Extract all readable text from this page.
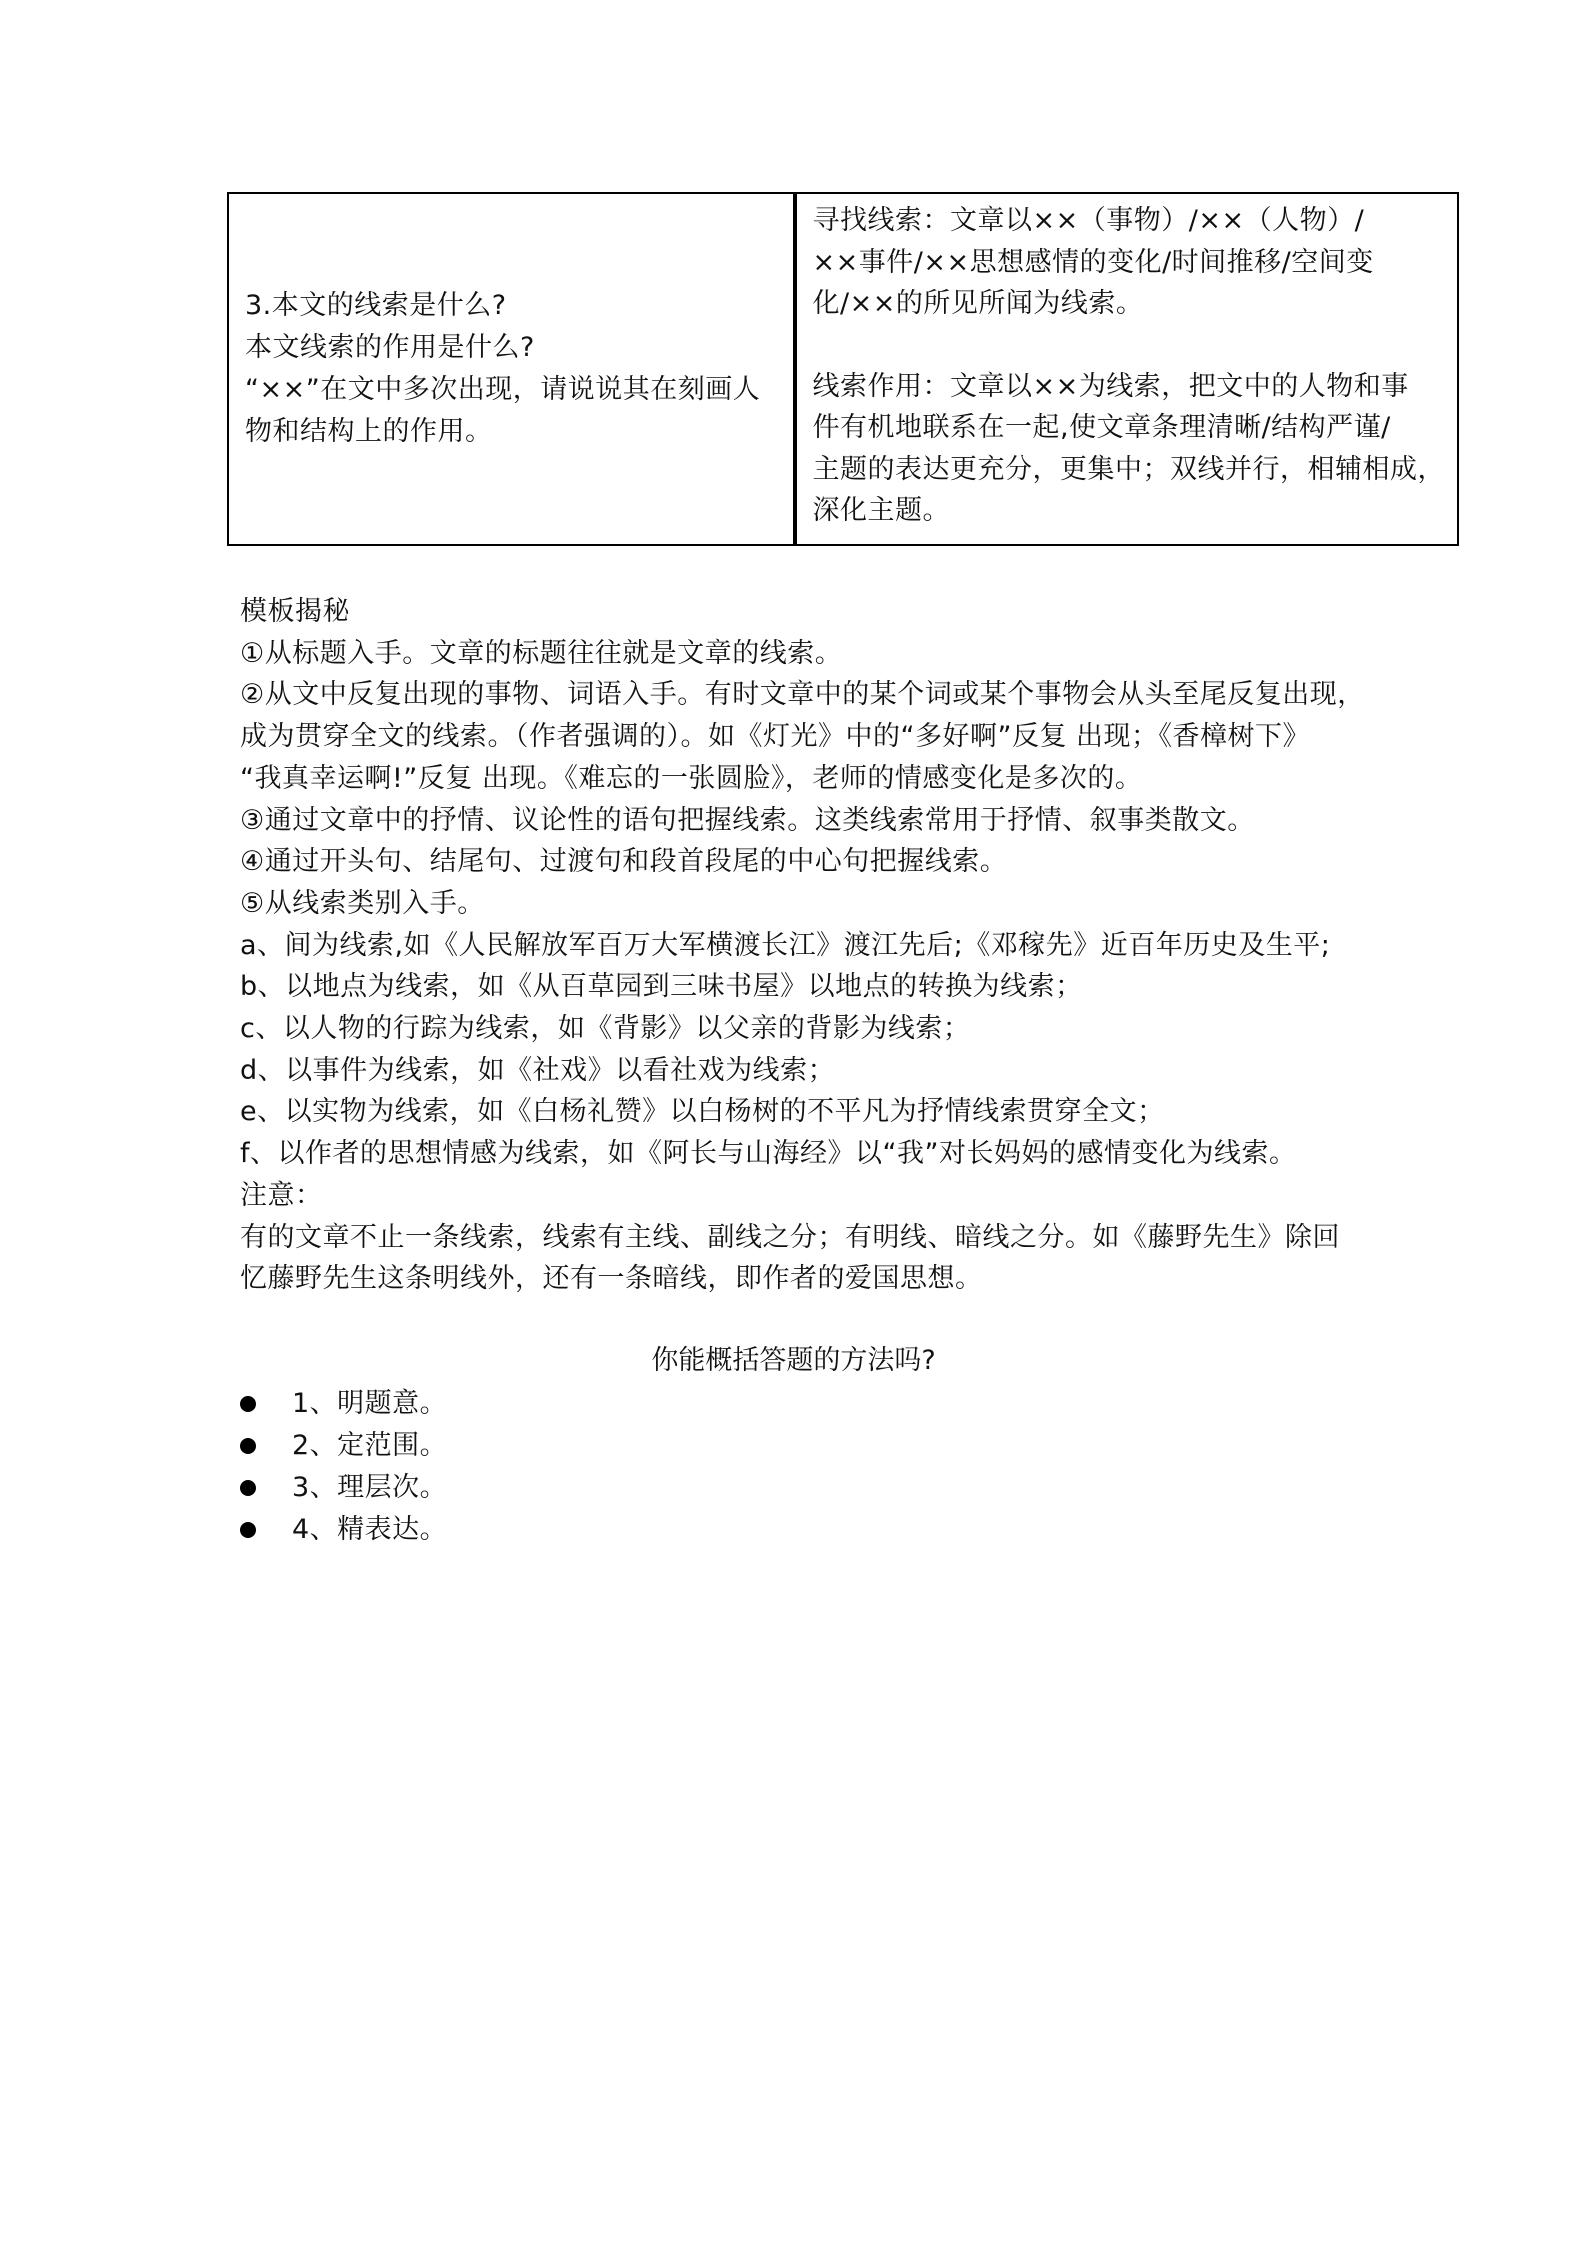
3.本文的线索是什么?
本文线索的作用是什么?
“××”在文中多次出现，请说说其在刻画人
物和结构上的作用。
寻找线索：文章以××（事物）/××（人物）/
××事件/××思想感情的变化/时间推移/空间变
化/××的所见所闻为线索。
线索作用：文章以××为线索，把文中的人物和事
件有机地联系在一起,使文章条理清晰/结构严谨/
主题的表达更充分，更集中；双线并行，相辅相成，
深化主题。
模板揭秘
①从标题入手。文章的标题往往就是文章的线索。
②从文中反复出现的事物、词语入手。有时文章中的某个词或某个事物会从头至尾反复出现，
成为贯穿全文的线索。（作者强调的）。如《灯光》中的“多好啊”反复 出现；《香樟树下》
“我真幸运啊!”反复 出现。《难忘的一张圆脸》，老师的情感变化是多次的。
③通过文章中的抒情、议论性的语句把握线索。这类线索常用于抒情、叙事类散文。
④通过开头句、结尾句、过渡句和段首段尾的中心句把握线索。
⑤从线索类别入手。
a、间为线索,如《人民解放军百万大军横渡长江》渡江先后;《邓稼先》近百年历史及生平;
b、以地点为线索，如《从百草园到三味书屋》以地点的转换为线索；
c、以人物的行踪为线索，如《背影》以父亲的背影为线索；
d、以事件为线索，如《社戏》以看社戏为线索；
e、以实物为线索，如《白杨礼赞》以白杨树的不平凡为抒情线索贯穿全文；
f、以作者的思想情感为线索，如《阿长与山海经》以“我”对长妈妈的感情变化为线索。
注意：
有的文章不止一条线索，线索有主线、副线之分；有明线、暗线之分。如《藤野先生》除回
忆藤野先生这条明线外，还有一条暗线，即作者的爱国思想。
你能概括答题的方法吗?
1、明题意。
2、定范围。
3、理层次。
4、精表达。
